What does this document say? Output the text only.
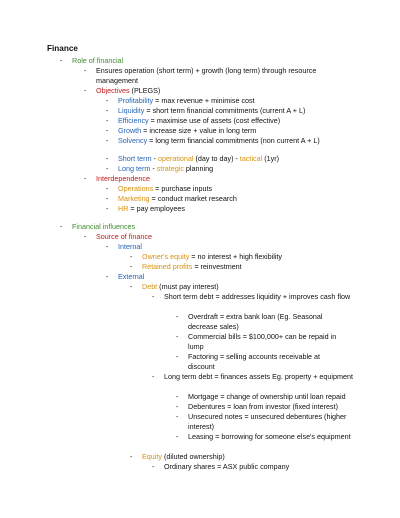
Finance
-	Role of financial
-	Ensures operation (short term) + growth (long term) through resource management
-	Objectives (PLEGS)
-	Profitability = max revenue + minimise cost
-	Liquidity = short term financial commitments (current A + L)
-	Efficiency = maximise use of assets (cost effective)
-	Growth = increase size + value in long term
-	Solvency = long term financial commitments (non current A + L)
-	Short term - operational (day to day) - tactical (1yr)
-	Long term - strategic planning
-	Interdependence
-	Operations = purchase inputs
-	Marketing = conduct market research
-	HR = pay employees
-	Financial influences
-	Source of finance
-	Internal
-	Owner's equity = no interest + high flexibility
-	Retained profits = reinvestment
-	External
-	Debt (must pay interest)
-	Short term debt = addresses liquidity + improves cash flow
-	Overdraft = extra bank loan (Eg. Seasonal decrease sales)
-	Commercial bills = $100,000+ can be repaid in lump
-	Factoring = selling accounts receivable at discount
-	Long term debt = finances assets Eg. property + equipment
-	Mortgage = change of ownership until loan repaid
-	Debentures = loan from investor (fixed interest)
-	Unsecured notes = unsecured debentures (higher interest)
-	Leasing = borrowing for someone else's equipment
-	Equity (diluted ownership)
-	Ordinary shares = ASX public company
